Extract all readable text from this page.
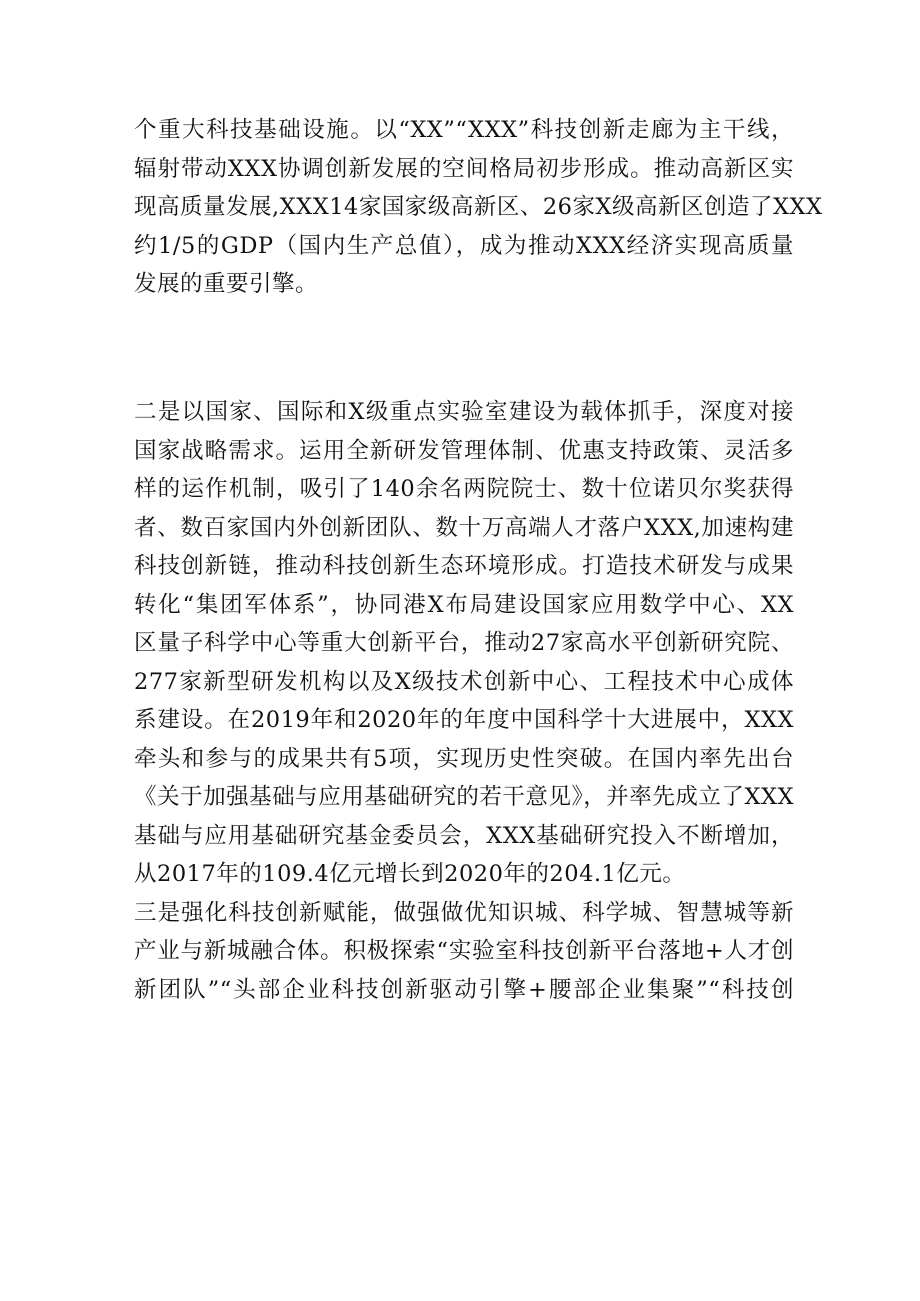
个重大科技基础设施。以“XX”“XXX”科技创新走廊为主干线，
辐射带动XXX协调创新发展的空间格局初步形成。推动高新区实
现高质量发展,XXX14家国家级高新区、26家X级高新区创造了XXX
约1/5的GDP（国内生产总值），成为推动XXX经济实现高质量
发展的重要引擎。
二是以国家、国际和X级重点实验室建设为载体抓手，深度对接
国家战略需求。运用全新研发管理体制、优惠支持政策、灵活多
样的运作机制，吸引了140余名两院院士、数十位诺贝尔奖获得
者、数百家国内外创新团队、数十万高端人才落户XXX,加速构建
科技创新链，推动科技创新生态环境形成。打造技术研发与成果
转化“集团军体系”，协同港X布局建设国家应用数学中心、XX
区量子科学中心等重大创新平台，推动27家高水平创新研究院、
277家新型研发机构以及X级技术创新中心、工程技术中心成体
系建设。在2019年和2020年的年度中国科学十大进展中，XXX
牵头和参与的成果共有5项，实现历史性突破。在国内率先出台
《关于加强基础与应用基础研究的若干意见》，并率先成立了XXX
基础与应用基础研究基金委员会，XXX基础研究投入不断增加，
从2017年的109.4亿元增长到2020年的204.1亿元。
三是强化科技创新赋能，做强做优知识城、科学城、智慧城等新
产业与新城融合体。积极探索“实验室科技创新平台落地+人才创
新团队”“头部企业科技创新驱动引擎+腰部企业集聚”“科技创
